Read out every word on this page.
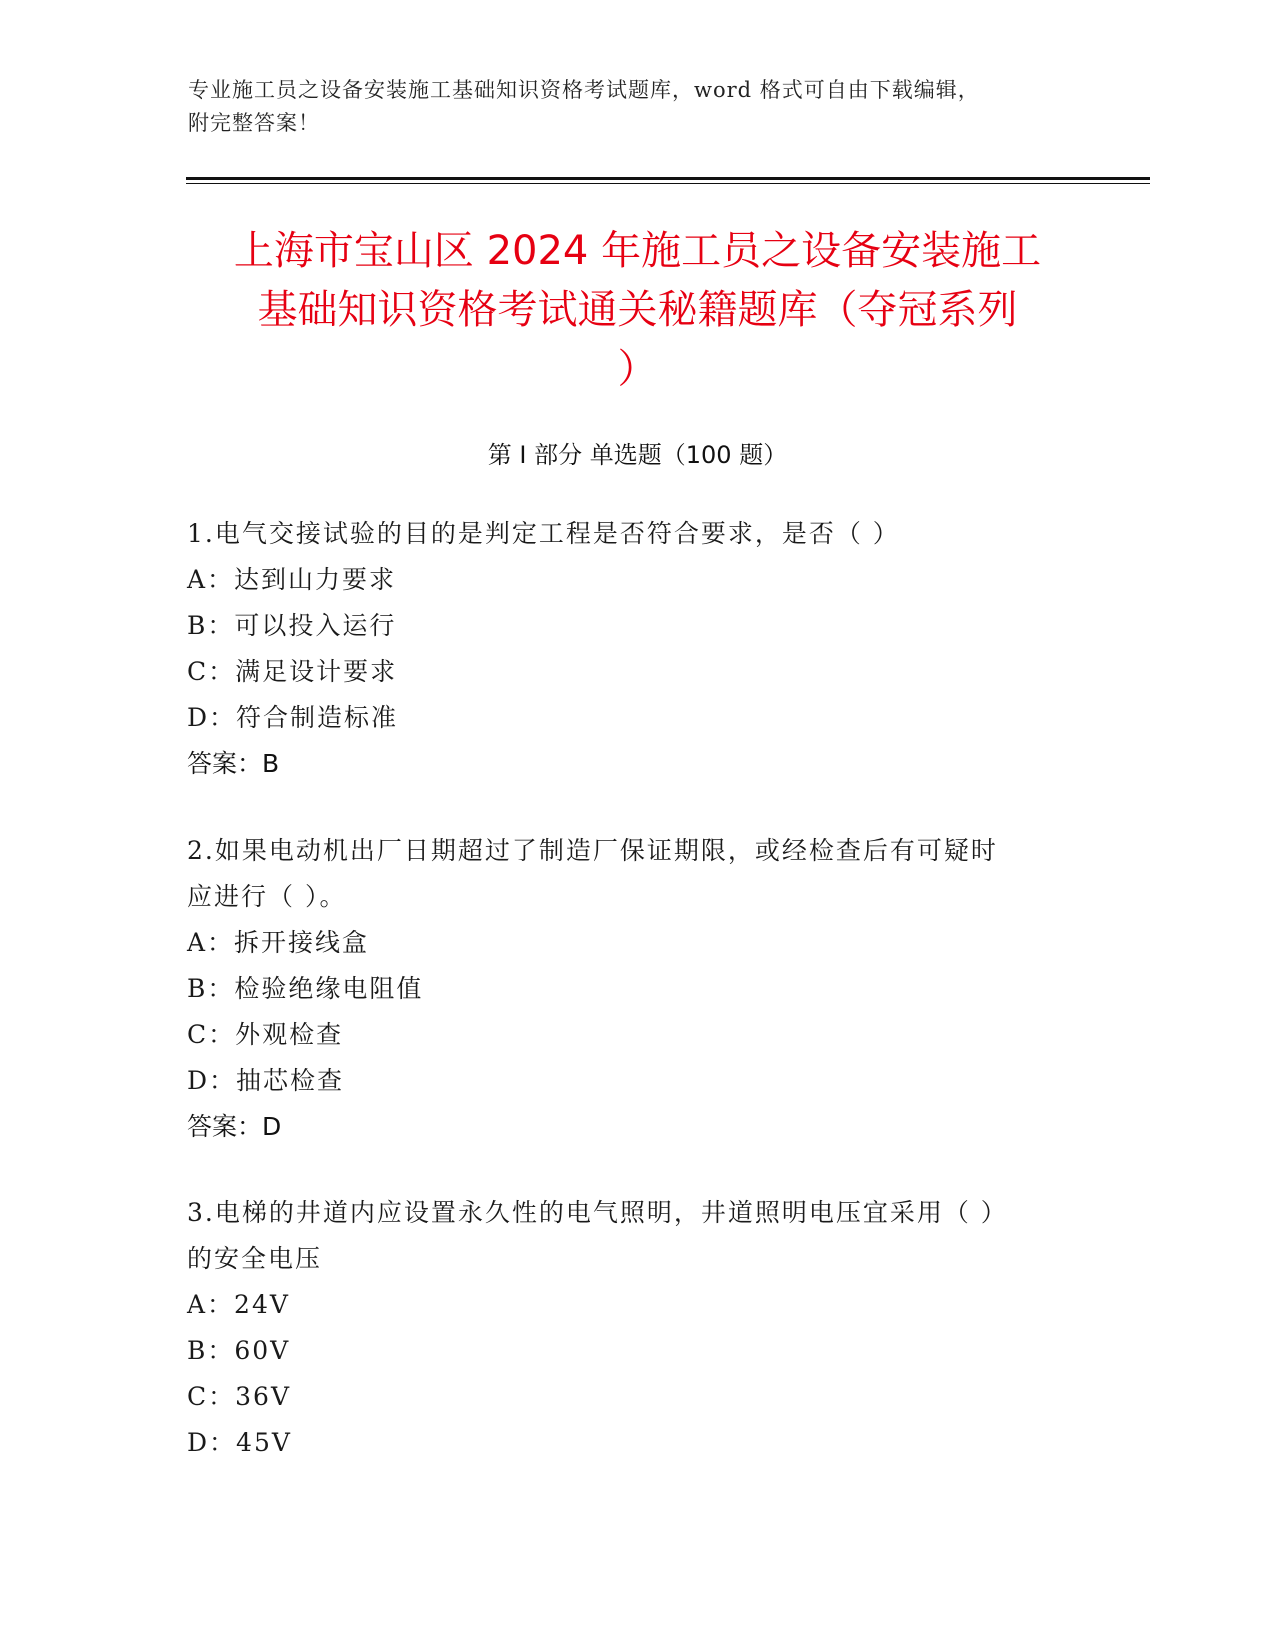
专业施工员之设备安装施工基础知识资格考试题库，word 格式可自由下载编辑，
附完整答案！
上海市宝山区 2024 年施工员之设备安装施工
基础知识资格考试通关秘籍题库（夺冠系列
）
第 I 部分 单选题（100 题）
1.电气交接试验的目的是判定工程是否符合要求，是否（ ）
A：达到山力要求
B：可以投入运行
C：满足设计要求
D：符合制造标准
答案：B
2.如果电动机出厂日期超过了制造厂保证期限，或经检查后有可疑时
应进行（ ）。
A：拆开接线盒
B：检验绝缘电阻值
C：外观检查
D：抽芯检查
答案：D
3.电梯的井道内应设置永久性的电气照明，井道照明电压宜采用（ ）
的安全电压
A：24V
B：60V
C：36V
D：45V
